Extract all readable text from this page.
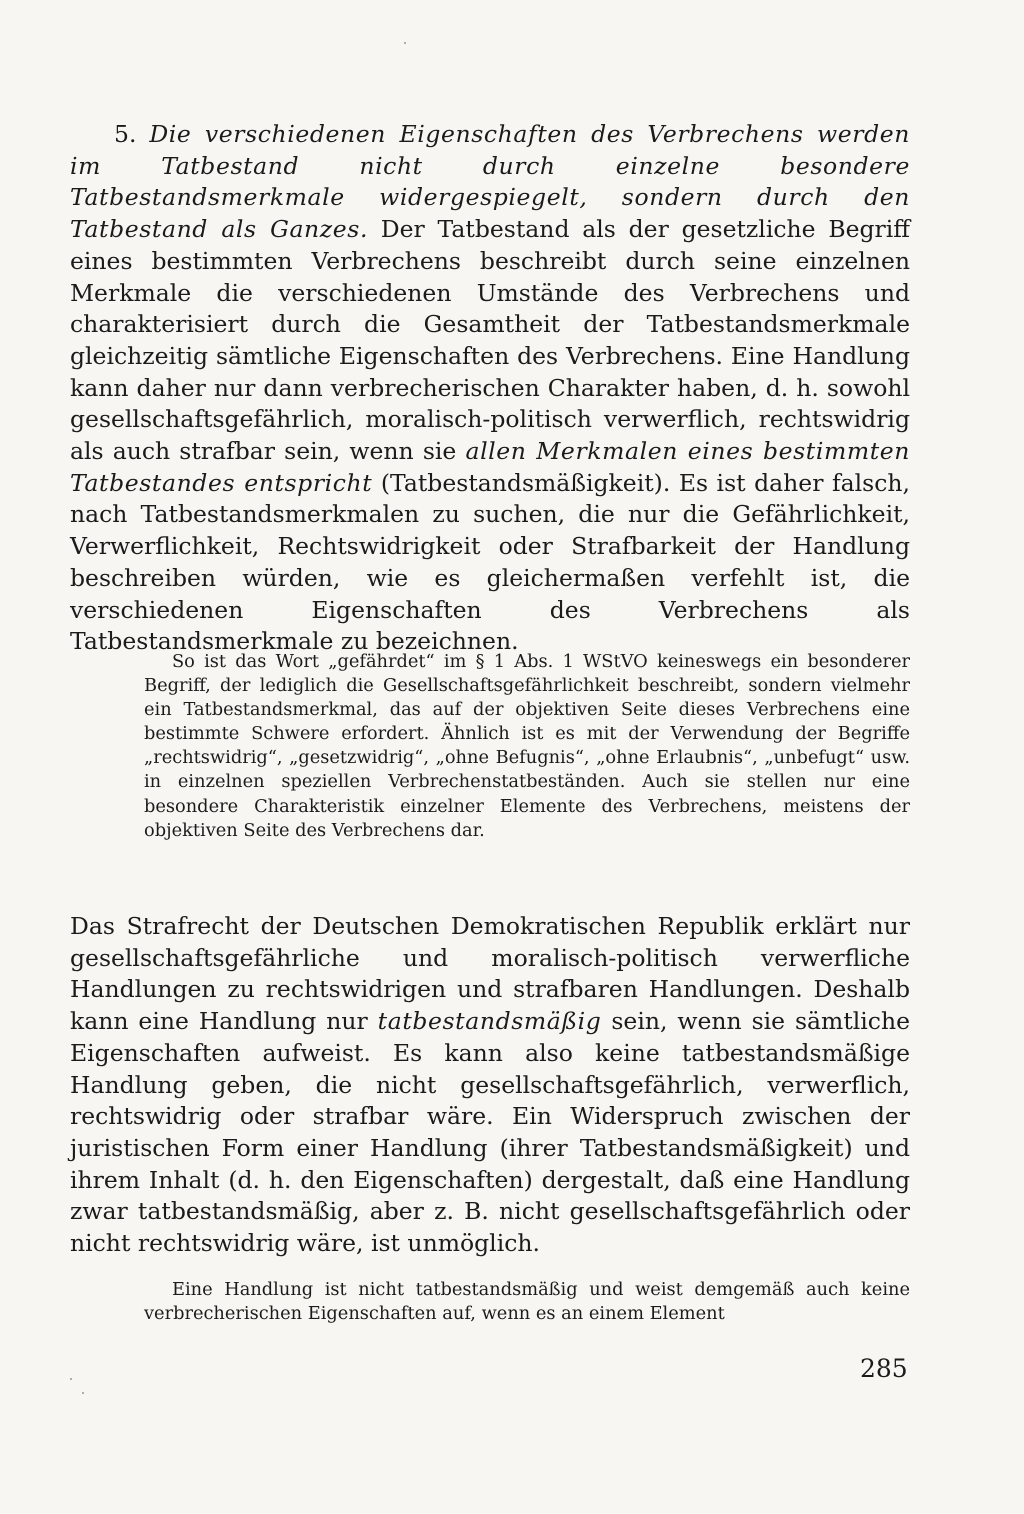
5. Die verschiedenen Eigenschaften des Verbrechens werden im Tatbestand nicht durch einzelne besondere Tatbestandsmerkmale widergespiegelt, sondern durch den Tatbestand als Ganzes. Der Tatbestand als der gesetzliche Begriff eines bestimmten Verbrechens beschreibt durch seine einzelnen Merkmale die verschiedenen Umstände des Verbrechens und charakterisiert durch die Gesamtheit der Tatbestandsmerkmale gleichzeitig sämtliche Eigenschaften des Verbrechens. Eine Handlung kann daher nur dann verbrecherischen Charakter haben, d. h. sowohl gesellschaftsgefährlich, moralisch-politisch verwerflich, rechtswidrig als auch strafbar sein, wenn sie allen Merkmalen eines bestimmten Tatbestandes entspricht (Tatbestandsmäßigkeit). Es ist daher falsch, nach Tatbestandsmerkmalen zu suchen, die nur die Gefährlichkeit, Verwerflichkeit, Rechtswidrigkeit oder Strafbarkeit der Handlung beschreiben würden, wie es gleichermaßen verfehlt ist, die verschiedenen Eigenschaften des Verbrechens als Tatbestandsmerkmale zu bezeichnen.

So ist das Wort „gefährdet“ im § 1 Abs. 1 WStVO keineswegs ein besonderer Begriff, der lediglich die Gesellschaftsgefährlichkeit beschreibt, sondern vielmehr ein Tatbestandsmerkmal, das auf der objektiven Seite dieses Verbrechens eine bestimmte Schwere erfordert. Ähnlich ist es mit der Verwendung der Begriffe „rechtswidrig“, „gesetzwidrig“, „ohne Befugnis“, „ohne Erlaubnis“, „unbefugt“ usw. in einzelnen speziellen Verbrechenstatbeständen. Auch sie stellen nur eine besondere Charakteristik einzelner Elemente des Verbrechens, meistens der objektiven Seite des Verbrechens dar.

Das Strafrecht der Deutschen Demokratischen Republik erklärt nur gesellschaftsgefährliche und moralisch-politisch verwerfliche Handlungen zu rechtswidrigen und strafbaren Handlungen. Deshalb kann eine Handlung nur tatbestandsmäßig sein, wenn sie sämtliche Eigenschaften aufweist. Es kann also keine tatbestandsmäßige Handlung geben, die nicht gesellschaftsgefährlich, verwerflich, rechtswidrig oder strafbar wäre. Ein Widerspruch zwischen der juristischen Form einer Handlung (ihrer Tatbestandsmäßigkeit) und ihrem Inhalt (d. h. den Eigenschaften) dergestalt, daß eine Handlung zwar tatbestandsmäßig, aber z. B. nicht gesellschaftsgefährlich oder nicht rechtswidrig wäre, ist unmöglich.

Eine Handlung ist nicht tatbestandsmäßig und weist demgemäß auch keine verbrecherischen Eigenschaften auf, wenn es an einem Element

285
